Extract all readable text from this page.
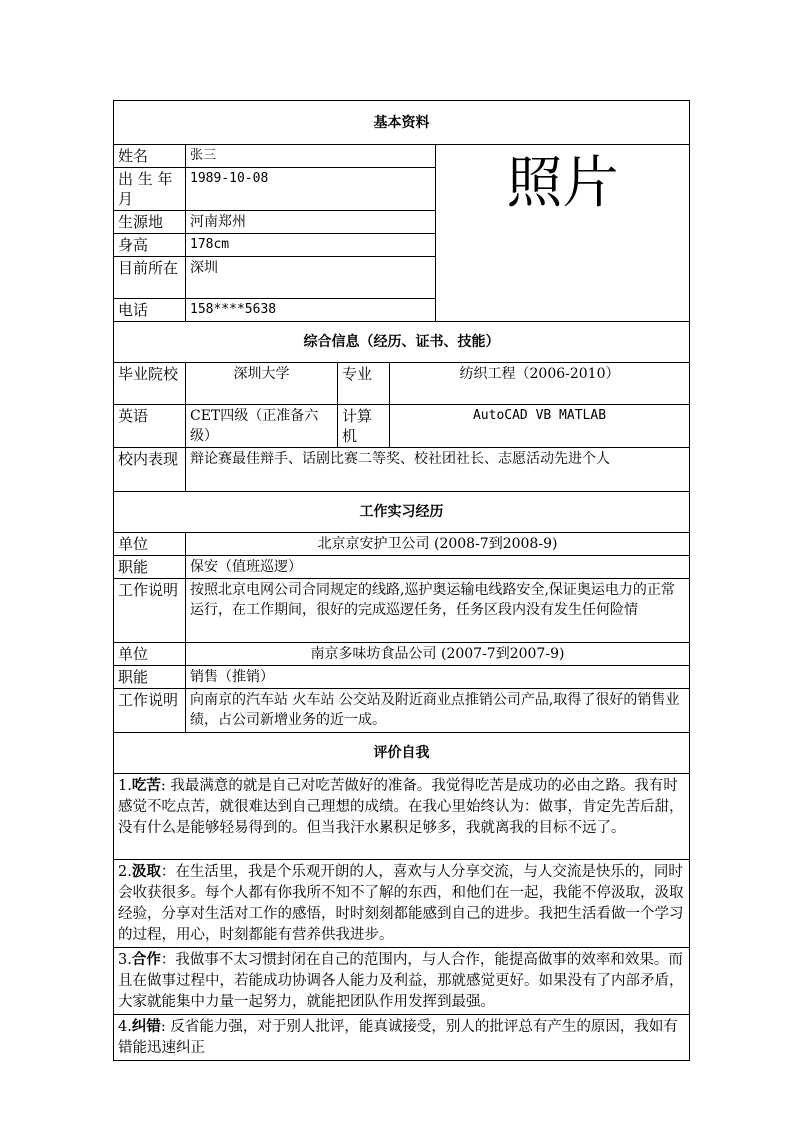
基本资料				
姓名	张三			照片
出 生 年月	1989-10-08			
生源地	河南郑州			
身高	178cm			
目前所在	深圳			
电话	158****5638			
综合信息（经历、证书、技能）				
毕业院校	深圳大学	专业	纺织工程（2006-2010）	
英语	CET四级（正准备六级）	计算机	AutoCAD VB MATLAB	
校内表现	辩论赛最佳辩手、话剧比赛二等奖、校社团社长、志愿活动先进个人			
工作实习经历				
单位	北京京安护卫公司 (2008-7到2008-9)			
职能	保安（值班巡逻）			
工作说明	按照北京电网公司合同规定的线路,巡护奥运输电线路安全,保证奥运电力的正常运行，在工作期间，很好的完成巡逻任务，任务区段内没有发生任何险情			
单位	南京多味坊食品公司 (2007-7到2007-9)			
职能	销售（推销）			
工作说明	向南京的汽车站 火车站 公交站及附近商业点推销公司产品,取得了很好的销售业绩，占公司新增业务的近一成。			
评价自我				
1.吃苦: 我最满意的就是自己对吃苦做好的准备。我觉得吃苦是成功的必由之路。我有时感觉不吃点苦，就很难达到自己理想的成绩。在我心里始终认为：做事，肯定先苦后甜，没有什么是能够轻易得到的。但当我汗水累积足够多，我就离我的目标不远了。				
2.汲取：在生活里，我是个乐观开朗的人，喜欢与人分享交流，与人交流是快乐的，同时会收获很多。每个人都有你我所不知不了解的东西，和他们在一起，我能不停汲取，汲取经验，分享对生活对工作的感悟，时时刻刻都能感到自己的进步。我把生活看做一个学习的过程，用心，时刻都能有营养供我进步。				
3.合作：我做事不太习惯封闭在自己的范围内，与人合作，能提高做事的效率和效果。而且在做事过程中，若能成功协调各人能力及利益，那就感觉更好。如果没有了内部矛盾，大家就能集中力量一起努力，就能把团队作用发挥到最强。				
4.纠错: 反省能力强，对于别人批评，能真诚接受，别人的批评总有产生的原因，我如有错能迅速纠正				
